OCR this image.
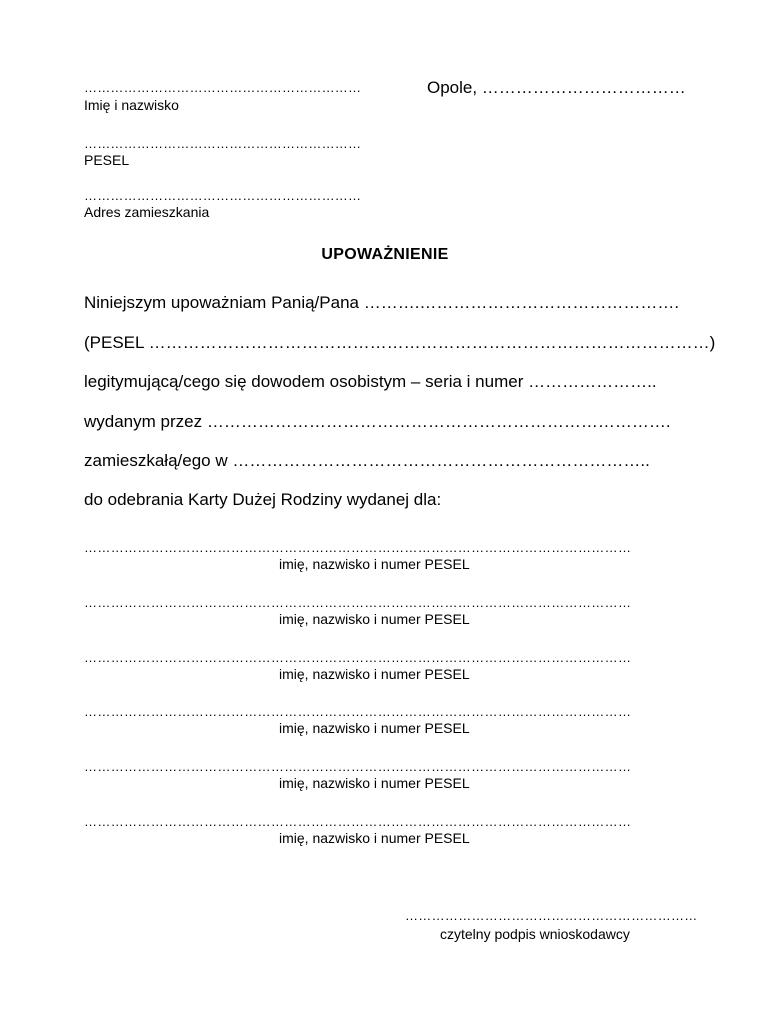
………………………………………………………
Imię i nazwisko
………………………………………………………
PESEL
………………………………………………………
Adres zamieszkania
Opole, ………………………………
UPOWAŻNIENIE
Niniejszym upoważniam Panią/Pana ……….……………………………………….
(PESEL ………………………………………………………………………………………)
legitymującą/cego się dowodem osobistym – seria i numer …………………..
wydanym przez ……………………………………………………………………….
zamieszkałą/ego w ………………………………………………………………..
do odebrania Karty Dużej Rodziny wydanej dla:
……………………………………………………………………………………………………………
imię, nazwisko i numer PESEL
……………………………………………………………………………………………………………
imię, nazwisko i numer PESEL
……………………………………………………………………………………………………………
imię, nazwisko i numer PESEL
……………………………………………………………………………………………………………
imię, nazwisko i numer PESEL
……………………………………………………………………………………………………………
imię, nazwisko i numer PESEL
……………………………………………………………………………………………………………
imię, nazwisko i numer PESEL
…………………………………………………………
czytelny podpis wnioskodawcy
